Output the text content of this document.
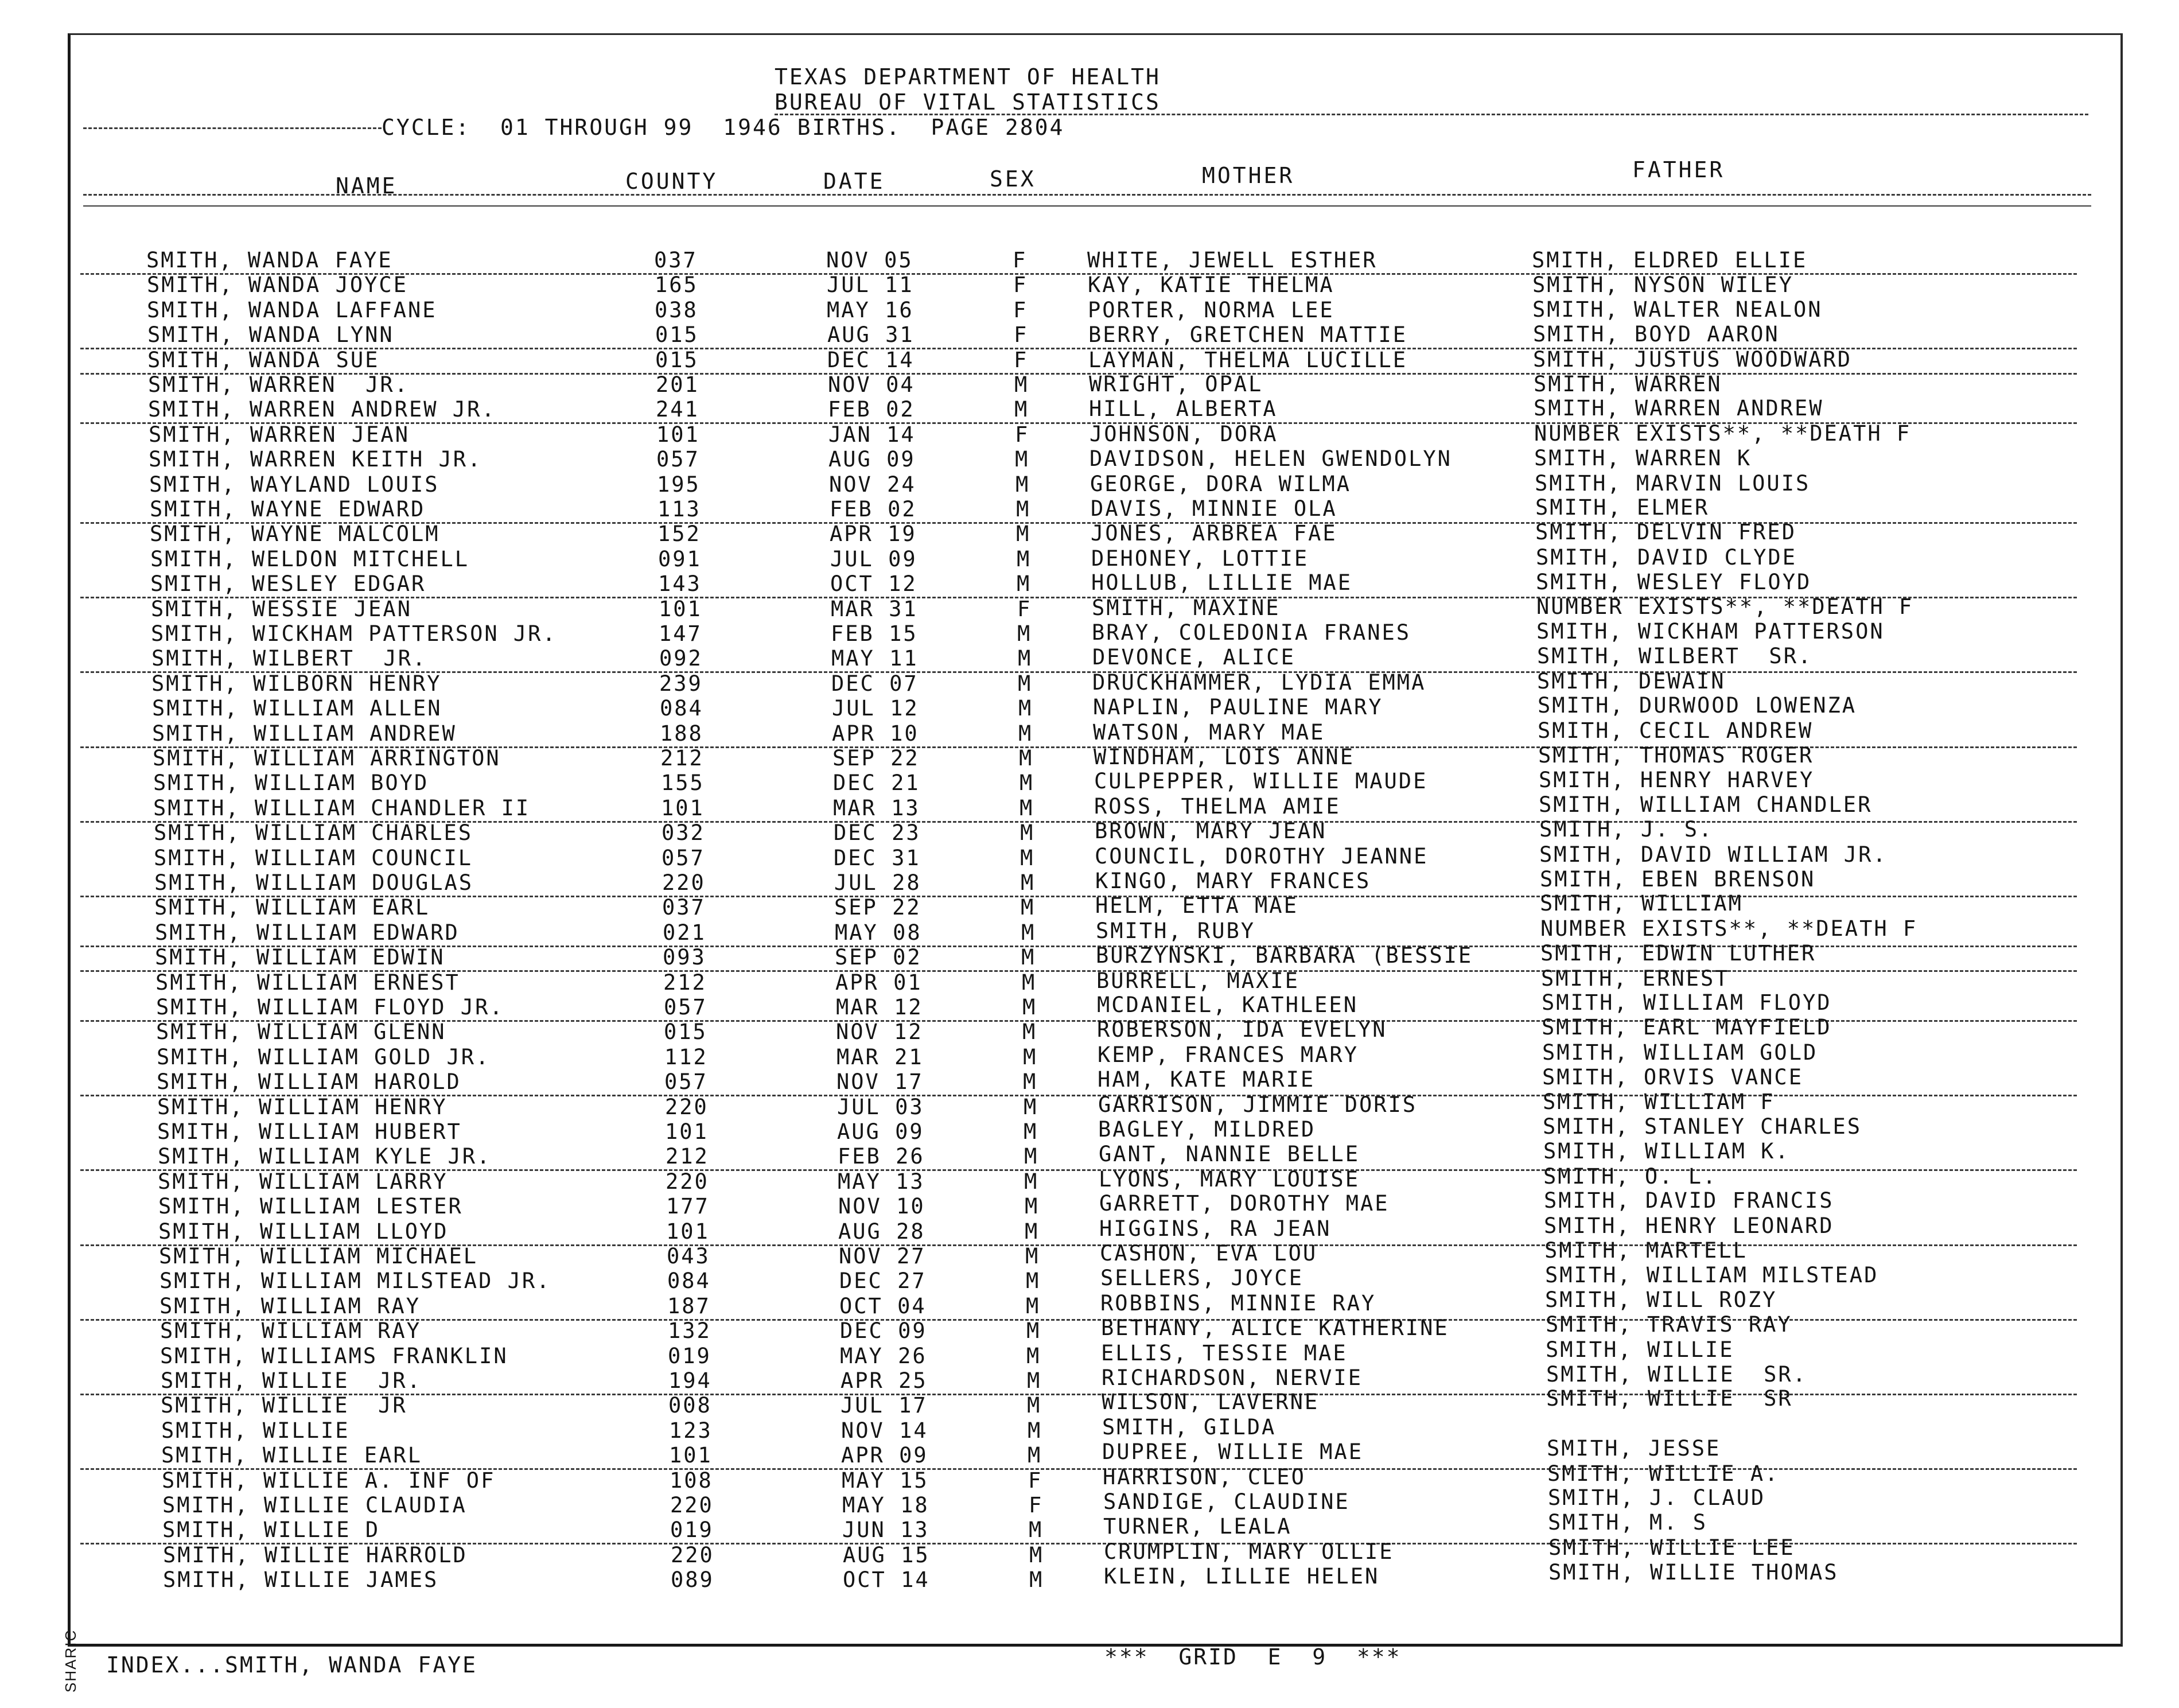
TEXAS DEPARTMENT OF HEALTH
BUREAU OF VITAL STATISTICS
CYCLE:  01 THROUGH 99  1946 BIRTHS.  PAGE 2804
NAME	COUNTY	DATE	SEX	MOTHER	FATHER
SMITH, WANDA FAYE	037	NOV 05	F	WHITE, JEWELL ESTHER	SMITH, ELDRED ELLIE
SMITH, WANDA JOYCE	165	JUL 11	F	KAY, KATIE THELMA	SMITH, NYSON WILEY
SMITH, WANDA LAFFANE	038	MAY 16	F	PORTER, NORMA LEE	SMITH, WALTER NEALON
SMITH, WANDA LYNN	015	AUG 31	F	BERRY, GRETCHEN MATTIE	SMITH, BOYD AARON
SMITH, WANDA SUE	015	DEC 14	F	LAYMAN, THELMA LUCILLE	SMITH, JUSTUS WOODWARD
SMITH, WARREN  JR.	201	NOV 04	M	WRIGHT, OPAL	SMITH, WARREN
SMITH, WARREN ANDREW JR.	241	FEB 02	M	HILL, ALBERTA	SMITH, WARREN ANDREW
SMITH, WARREN JEAN	101	JAN 14	F	JOHNSON, DORA	NUMBER EXISTS**, **DEATH F
SMITH, WARREN KEITH JR.	057	AUG 09	M	DAVIDSON, HELEN GWENDOLYN	SMITH, WARREN K
SMITH, WAYLAND LOUIS	195	NOV 24	M	GEORGE, DORA WILMA	SMITH, MARVIN LOUIS
SMITH, WAYNE EDWARD	113	FEB 02	M	DAVIS, MINNIE OLA	SMITH, ELMER
SMITH, WAYNE MALCOLM	152	APR 19	M	JONES, ARBREA FAE	SMITH, DELVIN FRED
SMITH, WELDON MITCHELL	091	JUL 09	M	DEHONEY, LOTTIE	SMITH, DAVID CLYDE
SMITH, WESLEY EDGAR	143	OCT 12	M	HOLLUB, LILLIE MAE	SMITH, WESLEY FLOYD
SMITH, WESSIE JEAN	101	MAR 31	F	SMITH, MAXINE	NUMBER EXISTS**, **DEATH F
SMITH, WICKHAM PATTERSON JR.	147	FEB 15	M	BRAY, COLEDONIA FRANES	SMITH, WICKHAM PATTERSON
SMITH, WILBERT  JR.	092	MAY 11	M	DEVONCE, ALICE	SMITH, WILBERT  SR.
SMITH, WILBORN HENRY	239	DEC 07	M	DRUCKHAMMER, LYDIA EMMA	SMITH, DEWAIN
SMITH, WILLIAM ALLEN	084	JUL 12	M	NAPLIN, PAULINE MARY	SMITH, DURWOOD LOWENZA
SMITH, WILLIAM ANDREW	188	APR 10	M	WATSON, MARY MAE	SMITH, CECIL ANDREW
SMITH, WILLIAM ARRINGTON	212	SEP 22	M	WINDHAM, LOIS ANNE	SMITH, THOMAS ROGER
SMITH, WILLIAM BOYD	155	DEC 21	M	CULPEPPER, WILLIE MAUDE	SMITH, HENRY HARVEY
SMITH, WILLIAM CHANDLER II	101	MAR 13	M	ROSS, THELMA AMIE	SMITH, WILLIAM CHANDLER
SMITH, WILLIAM CHARLES	032	DEC 23	M	BROWN, MARY JEAN	SMITH, J. S.
SMITH, WILLIAM COUNCIL	057	DEC 31	M	COUNCIL, DOROTHY JEANNE	SMITH, DAVID WILLIAM JR.
SMITH, WILLIAM DOUGLAS	220	JUL 28	M	KINGO, MARY FRANCES	SMITH, EBEN BRENSON
SMITH, WILLIAM EARL	037	SEP 22	M	HELM, ETTA MAE	SMITH, WILLIAM
SMITH, WILLIAM EDWARD	021	MAY 08	M	SMITH, RUBY	NUMBER EXISTS**, **DEATH F
SMITH, WILLIAM EDWIN	093	SEP 02	M	BURZYNSKI, BARBARA (BESSIE	SMITH, EDWIN LUTHER
SMITH, WILLIAM ERNEST	212	APR 01	M	BURRELL, MAXIE	SMITH, ERNEST
SMITH, WILLIAM FLOYD JR.	057	MAR 12	M	MCDANIEL, KATHLEEN	SMITH, WILLIAM FLOYD
SMITH, WILLIAM GLENN	015	NOV 12	M	ROBERSON, IDA EVELYN	SMITH, EARL MAYFIELD
SMITH, WILLIAM GOLD JR.	112	MAR 21	M	KEMP, FRANCES MARY	SMITH, WILLIAM GOLD
SMITH, WILLIAM HAROLD	057	NOV 17	M	HAM, KATE MARIE	SMITH, ORVIS VANCE
SMITH, WILLIAM HENRY	220	JUL 03	M	GARRISON, JIMMIE DORIS	SMITH, WILLIAM F
SMITH, WILLIAM HUBERT	101	AUG 09	M	BAGLEY, MILDRED	SMITH, STANLEY CHARLES
SMITH, WILLIAM KYLE JR.	212	FEB 26	M	GANT, NANNIE BELLE	SMITH, WILLIAM K.
SMITH, WILLIAM LARRY	220	MAY 13	M	LYONS, MARY LOUISE	SMITH, O. L.
SMITH, WILLIAM LESTER	177	NOV 10	M	GARRETT, DOROTHY MAE	SMITH, DAVID FRANCIS
SMITH, WILLIAM LLOYD	101	AUG 28	M	HIGGINS, RA JEAN	SMITH, HENRY LEONARD
SMITH, WILLIAM MICHAEL	043	NOV 27	M	CASHON, EVA LOU	SMITH, MARTELL
SMITH, WILLIAM MILSTEAD JR.	084	DEC 27	M	SELLERS, JOYCE	SMITH, WILLIAM MILSTEAD
SMITH, WILLIAM RAY	187	OCT 04	M	ROBBINS, MINNIE RAY	SMITH, WILL ROZY
SMITH, WILLIAM RAY	132	DEC 09	M	BETHANY, ALICE KATHERINE	SMITH, TRAVIS RAY
SMITH, WILLIAMS FRANKLIN	019	MAY 26	M	ELLIS, TESSIE MAE	SMITH, WILLIE
SMITH, WILLIE  JR.	194	APR 25	M	RICHARDSON, NERVIE	SMITH, WILLIE  SR.
SMITH, WILLIE  JR	008	JUL 17	M	WILSON, LAVERNE	SMITH, WILLIE  SR
SMITH, WILLIE	123	NOV 14	M	SMITH, GILDA
SMITH, WILLIE EARL	101	APR 09	M	DUPREE, WILLIE MAE	SMITH, JESSE
SMITH, WILLIE A. INF OF	108	MAY 15	F	HARRISON, CLEO	SMITH, WILLIE A.
SMITH, WILLIE CLAUDIA	220	MAY 18	F	SANDIGE, CLAUDINE	SMITH, J. CLAUD
SMITH, WILLIE D	019	JUN 13	M	TURNER, LEALA	SMITH, M. S
SMITH, WILLIE HARROLD	220	AUG 15	M	CRUMPLIN, MARY OLLIE	SMITH, WILLIE LEE
SMITH, WILLIE JAMES	089	OCT 14	M	KLEIN, LILLIE HELEN	SMITH, WILLIE THOMAS
INDEX...SMITH, WANDA FAYE	***  GRID  E  9  ***
SHARIC
